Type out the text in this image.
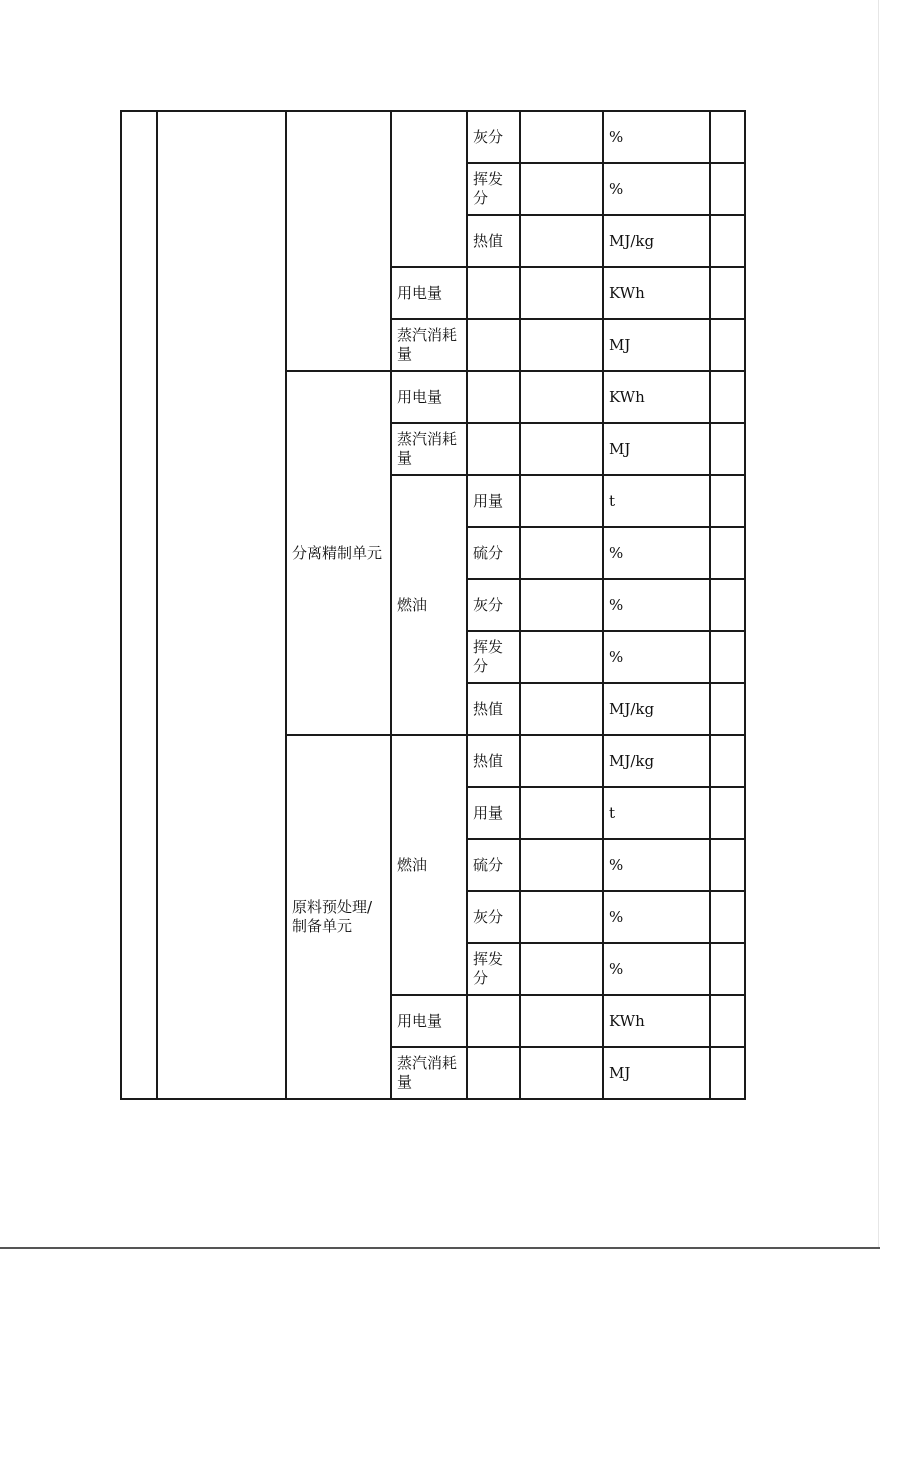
				灰分		%	
				挥发分		%	
				热值		MJ/kg	
			用电量			KWh	
			蒸汽消耗量			MJ	
		分离精制单元	用电量			KWh	
			蒸汽消耗量			MJ	
			燃油	用量		t	
				硫分		%	
				灰分		%	
				挥发分		%	
				热值		MJ/kg	
		原料预处理/制备单元	燃油	热值		MJ/kg	
				用量		t	
				硫分		%	
				灰分		%	
				挥发分		%	
			用电量			KWh	
			蒸汽消耗量			MJ	
